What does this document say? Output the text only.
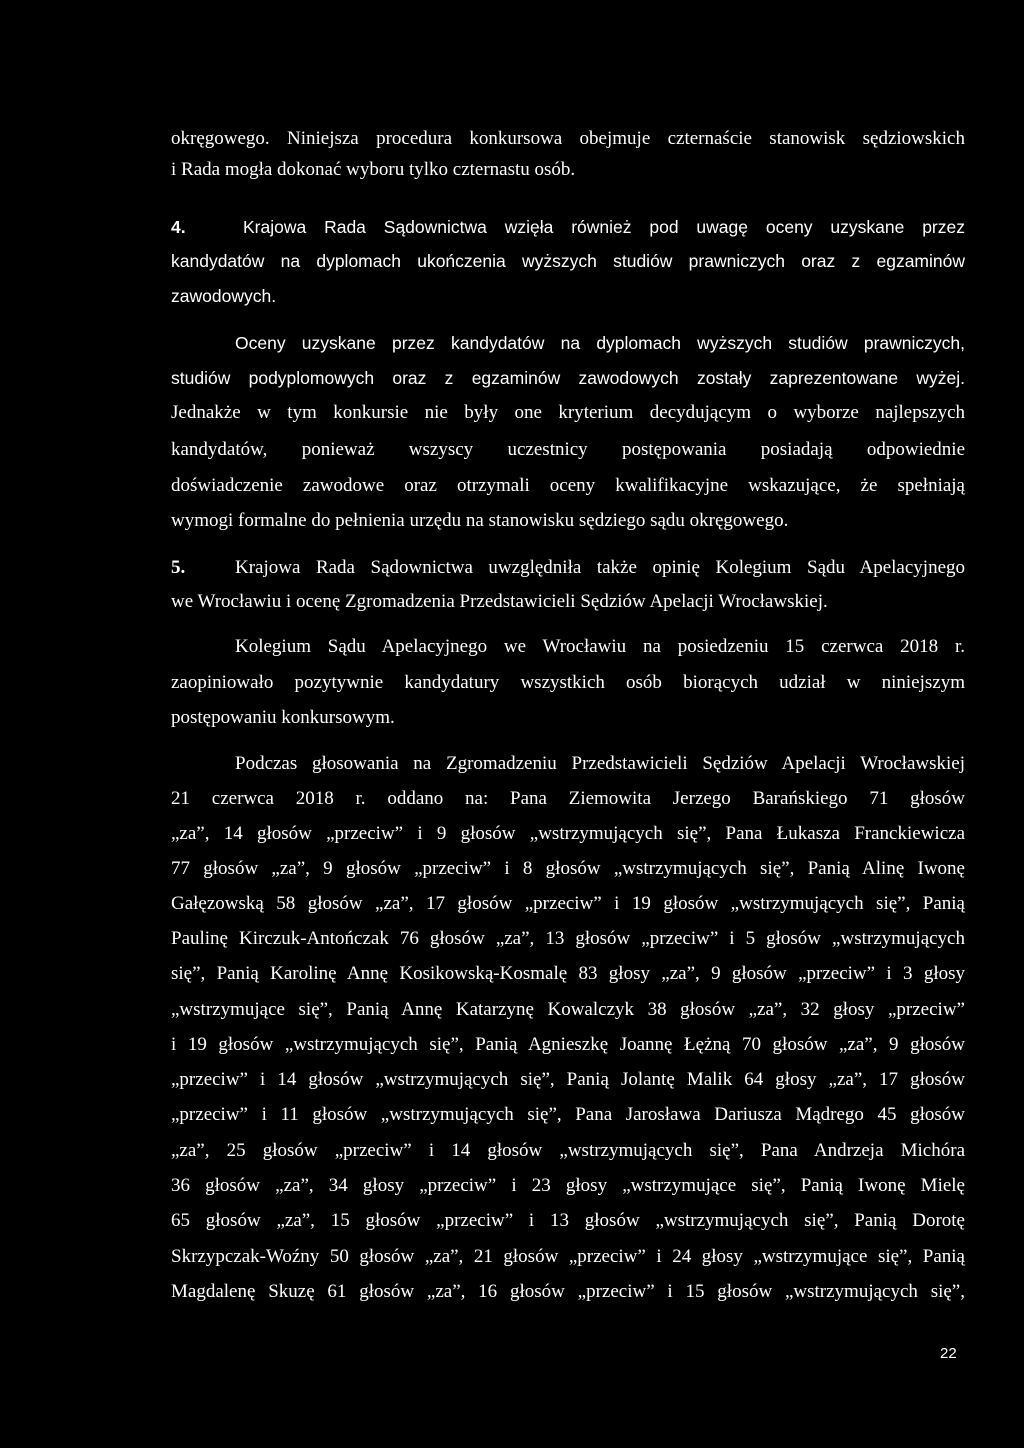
okręgowego. Niniejsza procedura konkursowa obejmuje czternaście stanowisk sędziowskich
i Rada mogła dokonać wyboru tylko czternastu osób.
4.	Krajowa Rada Sądownictwa wzięła również pod uwagę oceny uzyskane przez
kandydatów na dyplomach ukończenia wyższych studiów prawniczych oraz z egzaminów
zawodowych.
Oceny uzyskane przez kandydatów na dyplomach wyższych studiów prawniczych,
studiów podyplomowych oraz z egzaminów zawodowych zostały zaprezentowane wyżej.
Jednakże w tym konkursie nie były one kryterium decydującym o wyborze najlepszych
kandydatów, ponieważ wszyscy uczestnicy postępowania posiadają odpowiednie
doświadczenie zawodowe oraz otrzymali oceny kwalifikacyjne wskazujące, że spełniają
wymogi formalne do pełnienia urzędu na stanowisku sędziego sądu okręgowego.
5.	Krajowa Rada Sądownictwa uwzględniła także opinię Kolegium Sądu Apelacyjnego
we Wrocławiu i ocenę Zgromadzenia Przedstawicieli Sędziów Apelacji Wrocławskiej.
Kolegium Sądu Apelacyjnego we Wrocławiu na posiedzeniu 15 czerwca 2018 r.
zaopiniowało pozytywnie kandydatury wszystkich osób biorących udział w niniejszym
postępowaniu konkursowym.
Podczas głosowania na Zgromadzeniu Przedstawicieli Sędziów Apelacji Wrocławskiej
21 czerwca 2018 r. oddano na: Pana Ziemowita Jerzego Barańskiego 71 głosów
„za”, 14 głosów „przeciw” i 9 głosów „wstrzymujących się”, Pana Łukasza Franckiewicza
77 głosów „za”, 9 głosów „przeciw” i 8 głosów „wstrzymujących się”, Panią Alinę Iwonę
Gałęzowską 58 głosów „za”, 17 głosów „przeciw” i 19 głosów „wstrzymujących się”, Panią
Paulinę Kirczuk-Antończak 76 głosów „za”, 13 głosów „przeciw” i 5 głosów „wstrzymujących
się”, Panią Karolinę Annę Kosikowską-Kosmalę 83 głosy „za”, 9 głosów „przeciw” i 3 głosy
„wstrzymujące się”, Panią Annę Katarzynę Kowalczyk 38 głosów „za”, 32 głosy „przeciw”
i 19 głosów „wstrzymujących się”, Panią Agnieszkę Joannę Łężną 70 głosów „za”, 9 głosów
„przeciw” i 14 głosów „wstrzymujących się”, Panią Jolantę Malik 64 głosy „za”, 17 głosów
„przeciw” i 11 głosów „wstrzymujących się”, Pana Jarosława Dariusza Mądrego 45 głosów
„za”, 25 głosów „przeciw” i 14 głosów „wstrzymujących się”, Pana Andrzeja Michóra
36 głosów „za”, 34 głosy „przeciw” i 23 głosy „wstrzymujące się”, Panią Iwonę Mielę
65 głosów „za”, 15 głosów „przeciw” i 13 głosów „wstrzymujących się”, Panią Dorotę
Skrzypczak-Woźny 50 głosów „za”, 21 głosów „przeciw” i 24 głosy „wstrzymujące się”, Panią
Magdalenę Skuzę 61 głosów „za”, 16 głosów „przeciw” i 15 głosów „wstrzymujących się”,
22
